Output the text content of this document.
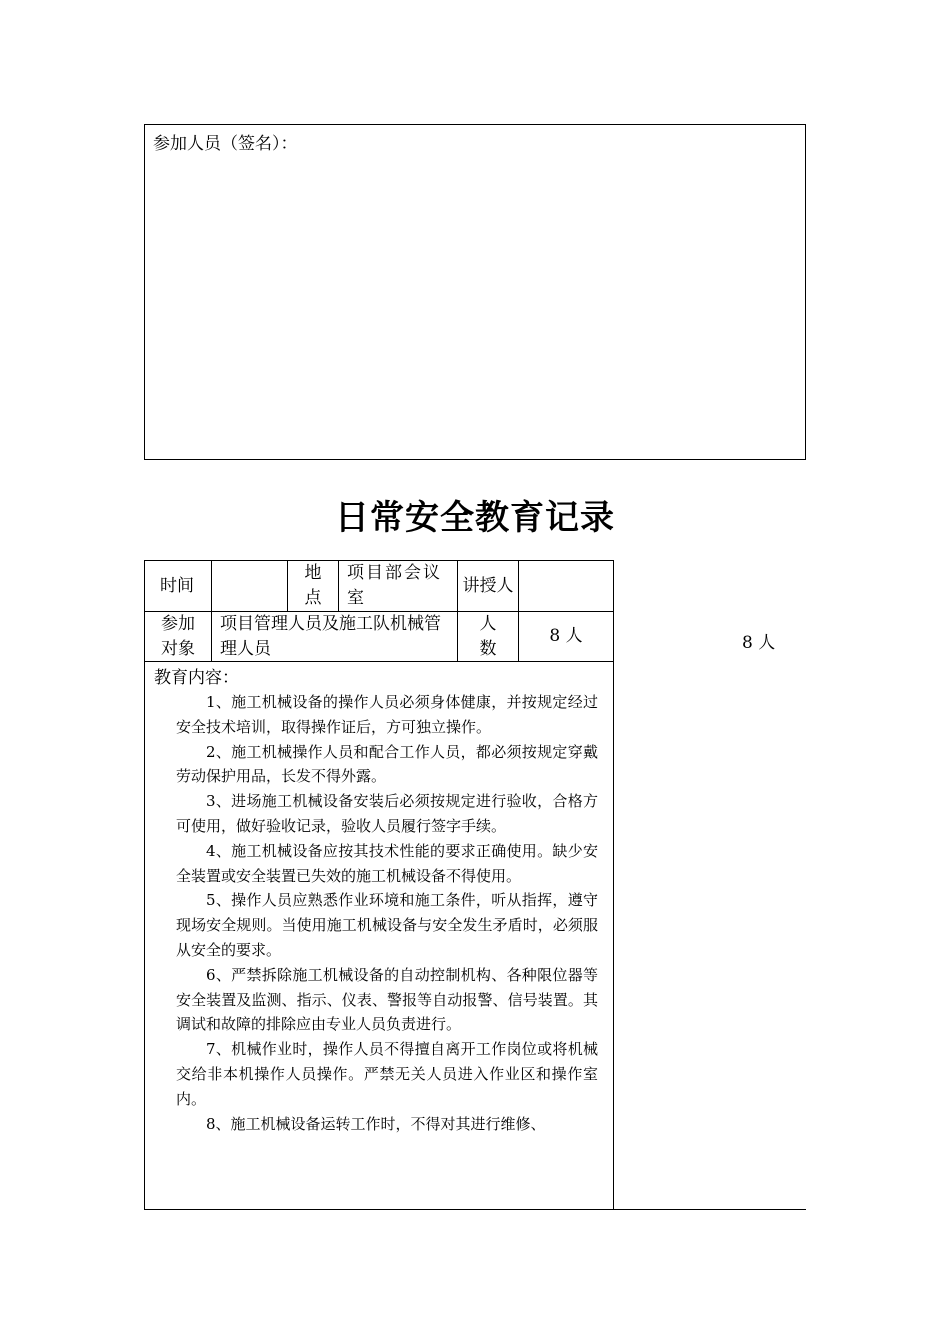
参加人员（签名）：
日常安全教育记录
时间
地点
项目部会议室
讲授人
参加对象
项目管理人员及施工队机械管理人员
人数
8 人	8 人
教育内容：

1、施工机械设备的操作人员必须身体健康，并按规定经过安全技术培训，取得操作证后，方可独立操作。

2、施工机械操作人员和配合工作人员，都必须按规定穿戴劳动保护用品，长发不得外露。

3、进场施工机械设备安装后必须按规定进行验收，合格方可使用，做好验收记录，验收人员履行签字手续。

4、施工机械设备应按其技术性能的要求正确使用。缺少安全装置或安全装置已失效的施工机械设备不得使用。

5、操作人员应熟悉作业环境和施工条件，听从指挥，遵守现场安全规则。当使用施工机械设备与安全发生矛盾时，必须服从安全的要求。

6、严禁拆除施工机械设备的自动控制机构、各种限位器等安全装置及监测、指示、仪表、警报等自动报警、信号装置。其调试和故障的排除应由专业人员负责进行。

7、机械作业时，操作人员不得擅自离开工作岗位或将机械交给非本机操作人员操作。严禁无关人员进入作业区和操作室内。

8、施工机械设备运转工作时，不得对其进行维修、
